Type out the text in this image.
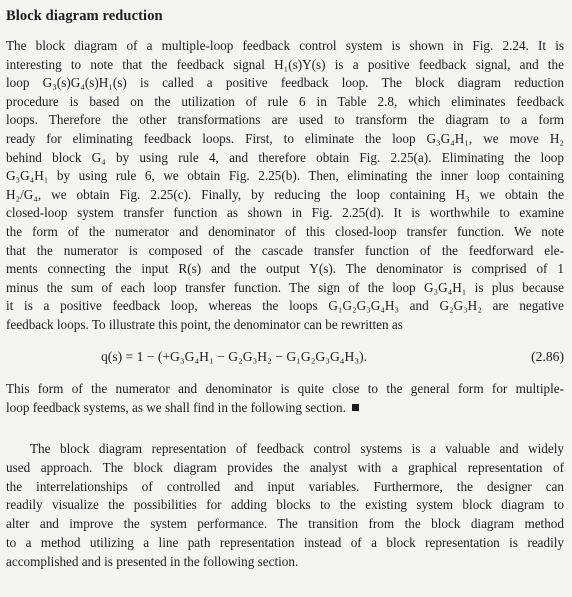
Block diagram reduction
The block diagram of a multiple-loop feedback control system is shown in Fig. 2.24. It is
interesting to note that the feedback signal H₁(s)Y(s) is a positive feedback signal, and the
loop G₃(s)G₄(s)H₁(s) is called a positive feedback loop. The block diagram reduction
procedure is based on the utilization of rule 6 in Table 2.8, which eliminates feedback
loops. Therefore the other transformations are used to transform the diagram to a form
ready for eliminating feedback loops. First, to eliminate the loop G₃G₄H₁, we move H₂
behind block G₄ by using rule 4, and therefore obtain Fig. 2.25(a). Eliminating the loop
G₃G₄H₁ by using rule 6, we obtain Fig. 2.25(b). Then, eliminating the inner loop containing
H₂/G₄, we obtain Fig. 2.25(c). Finally, by reducing the loop containing H₃ we obtain the
closed-loop system transfer function as shown in Fig. 2.25(d). It is worthwhile to examine
the form of the numerator and denominator of this closed-loop transfer function. We note
that the numerator is composed of the cascade transfer function of the feedforward ele-
ments connecting the input R(s) and the output Y(s). The denominator is comprised of 1
minus the sum of each loop transfer function. The sign of the loop G₃G₄H₁ is plus because
it is a positive feedback loop, whereas the loops G₁G₂G₃G₄H₃ and G₂G₃H₂ are negative
feedback loops. To illustrate this point, the denominator can be rewritten as
q(s) = 1 − (+G₃G₄H₁ − G₂G₃H₂ − G₁G₂G₃G₄H₃).	(2.86)
This form of the numerator and denominator is quite close to the general form for multiple-
loop feedback systems, as we shall find in the following section.
The block diagram representation of feedback control systems is a valuable and widely
used approach. The block diagram provides the analyst with a graphical representation of
the interrelationships of controlled and input variables. Furthermore, the designer can
readily visualize the possibilities for adding blocks to the existing system block diagram to
alter and improve the system performance. The transition from the block diagram method
to a method utilizing a line path representation instead of a block representation is readily
accomplished and is presented in the following section.
